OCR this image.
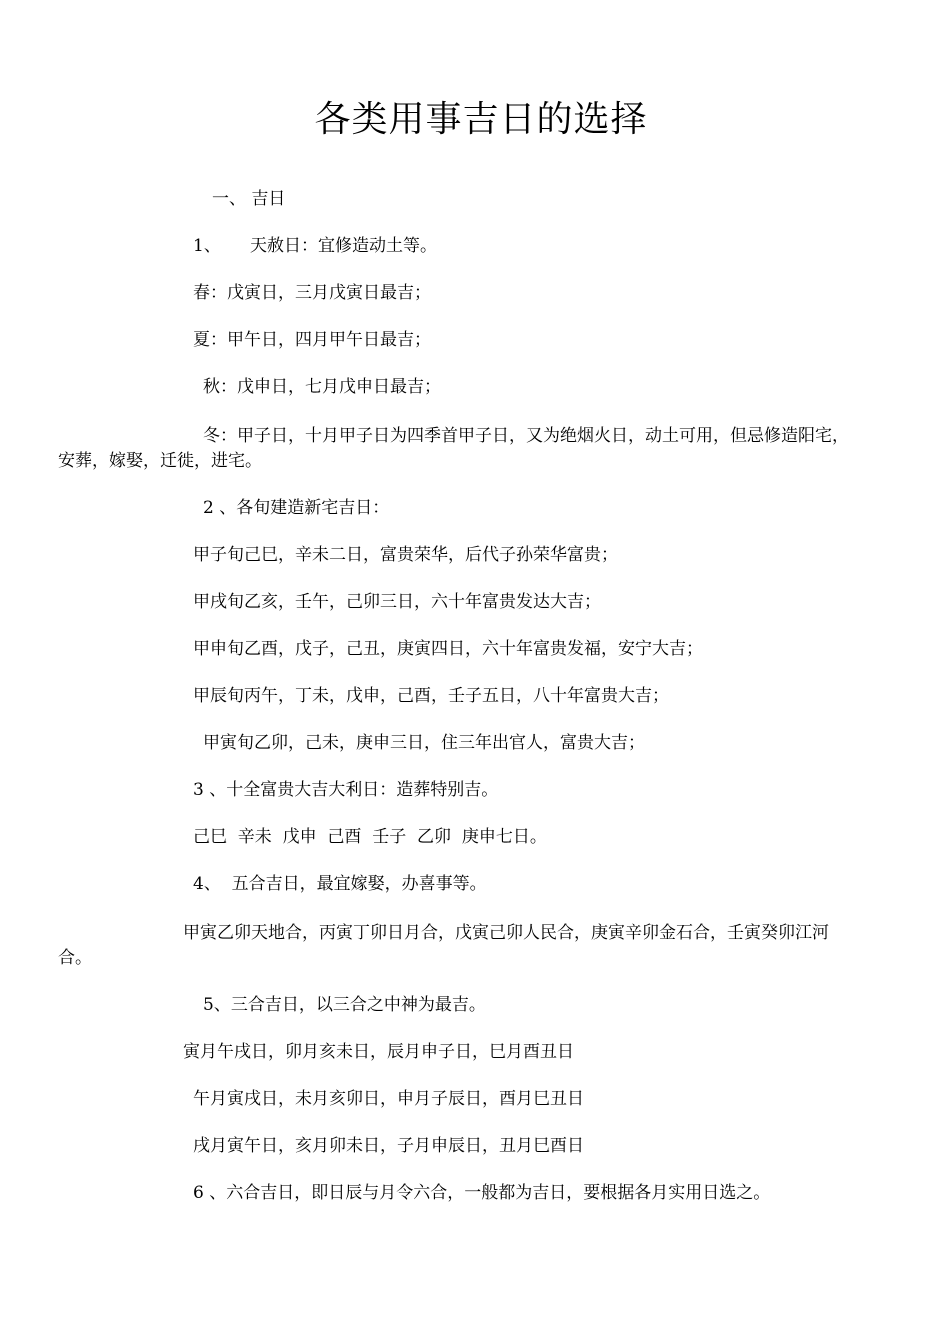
各类用事吉日的选择
一、 吉日
1、 天赦日：宜修造动土等。
春：戊寅日，三月戊寅日最吉；
夏：甲午日，四月甲午日最吉；
秋：戊申日，七月戊申日最吉；
冬：甲子日，十月甲子日为四季首甲子日，又为绝烟火日，动土可用，但忌修造阳宅，
安葬，嫁娶，迁徙，进宅。
2 、各旬建造新宅吉日：
甲子旬己巳，辛未二日，富贵荣华，后代子孙荣华富贵；
甲戌旬乙亥，壬午，己卯三日，六十年富贵发达大吉；
甲申旬乙酉，戊子，己丑，庚寅四日，六十年富贵发福，安宁大吉；
甲辰旬丙午，丁未，戊申，己酉，壬子五日，八十年富贵大吉；
甲寅旬乙卯，己未，庚申三日，住三年出官人，富贵大吉；
3 、十全富贵大吉大利日：造葬特别吉。
己巳  辛未  戊申  己酉  壬子  乙卯  庚申七日。
4、  五合吉日，最宜嫁娶，办喜事等。
甲寅乙卯天地合，丙寅丁卯日月合，戊寅己卯人民合，庚寅辛卯金石合，壬寅癸卯江河
合。
5、三合吉日，以三合之中神为最吉。
寅月午戌日，卯月亥未日，辰月申子日，巳月酉丑日
午月寅戌日，未月亥卯日，申月子辰日，酉月巳丑日
戌月寅午日，亥月卯未日，子月申辰日，丑月巳酉日
6 、六合吉日，即日辰与月令六合，一般都为吉日，要根据各月实用日选之。
